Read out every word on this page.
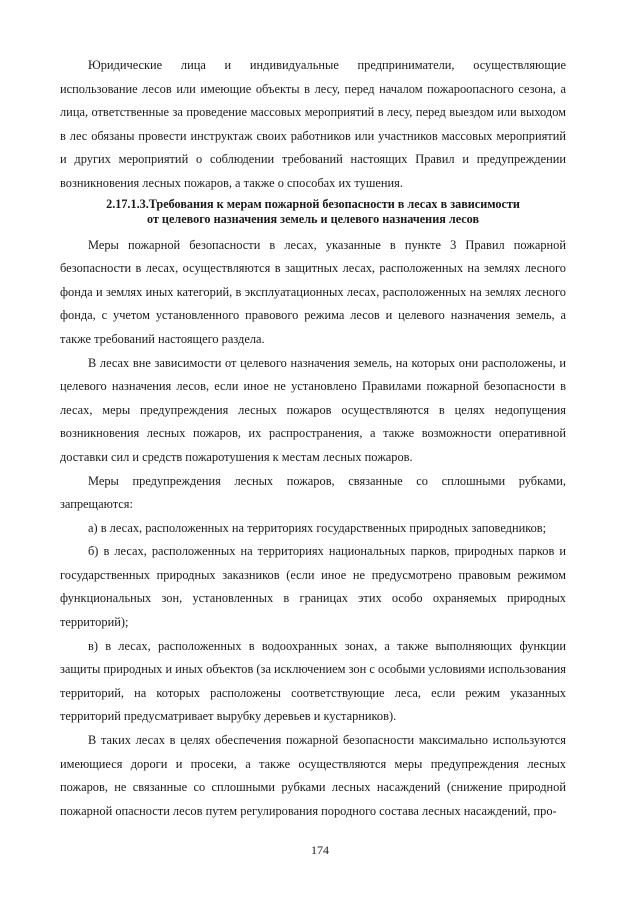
Юридические лица и индивидуальные предприниматели, осуществляющие использование лесов или имеющие объекты в лесу, перед началом пожароопасного сезона, а лица, ответственные за проведение массовых мероприятий в лесу, перед выездом или выходом в лес обязаны провести инструктаж своих работников или участников массовых мероприятий и других мероприятий о соблюдении требований настоящих Правил и предупреждении возникновения лесных пожаров, а также о способах их тушения.

2.17.1.3.Требования к мерам пожарной безопасности в лесах в зависимости
от целевого назначения земель и целевого назначения лесов

Меры пожарной безопасности в лесах, указанные в пункте 3 Правил пожарной безопасности в лесах, осуществляются в защитных лесах, расположенных на землях лесного фонда и землях иных категорий, в эксплуатационных лесах, расположенных на землях лесного фонда, с учетом установленного правового режима лесов и целевого назначения земель, а также требований настоящего раздела.

В лесах вне зависимости от целевого назначения земель, на которых они расположены, и целевого назначения лесов, если иное не установлено Правилами пожарной безопасности в лесах, меры предупреждения лесных пожаров осуществляются в целях недопущения возникновения лесных пожаров, их распространения, а также возможности оперативной доставки сил и средств пожаротушения к местам лесных пожаров.

Меры предупреждения лесных пожаров, связанные со сплошными рубками, запрещаются:

а) в лесах, расположенных на территориях государственных природных заповедников;

б) в лесах, расположенных на территориях национальных парков, природных парков и государственных природных заказников (если иное не предусмотрено правовым режимом функциональных зон, установленных в границах этих особо охраняемых природных территорий);

в) в лесах, расположенных в водоохранных зонах, а также выполняющих функции защиты природных и иных объектов (за исключением зон с особыми условиями использования территорий, на которых расположены соответствующие леса, если режим указанных территорий предусматривает вырубку деревьев и кустарников).

В таких лесах в целях обеспечения пожарной безопасности максимально используются имеющиеся дороги и просеки, а также осуществляются меры предупреждения лесных пожаров, не связанные со сплошными рубками лесных насаждений (снижение природной пожарной опасности лесов путем регулирования породного состава лесных насаждений, про-

174
